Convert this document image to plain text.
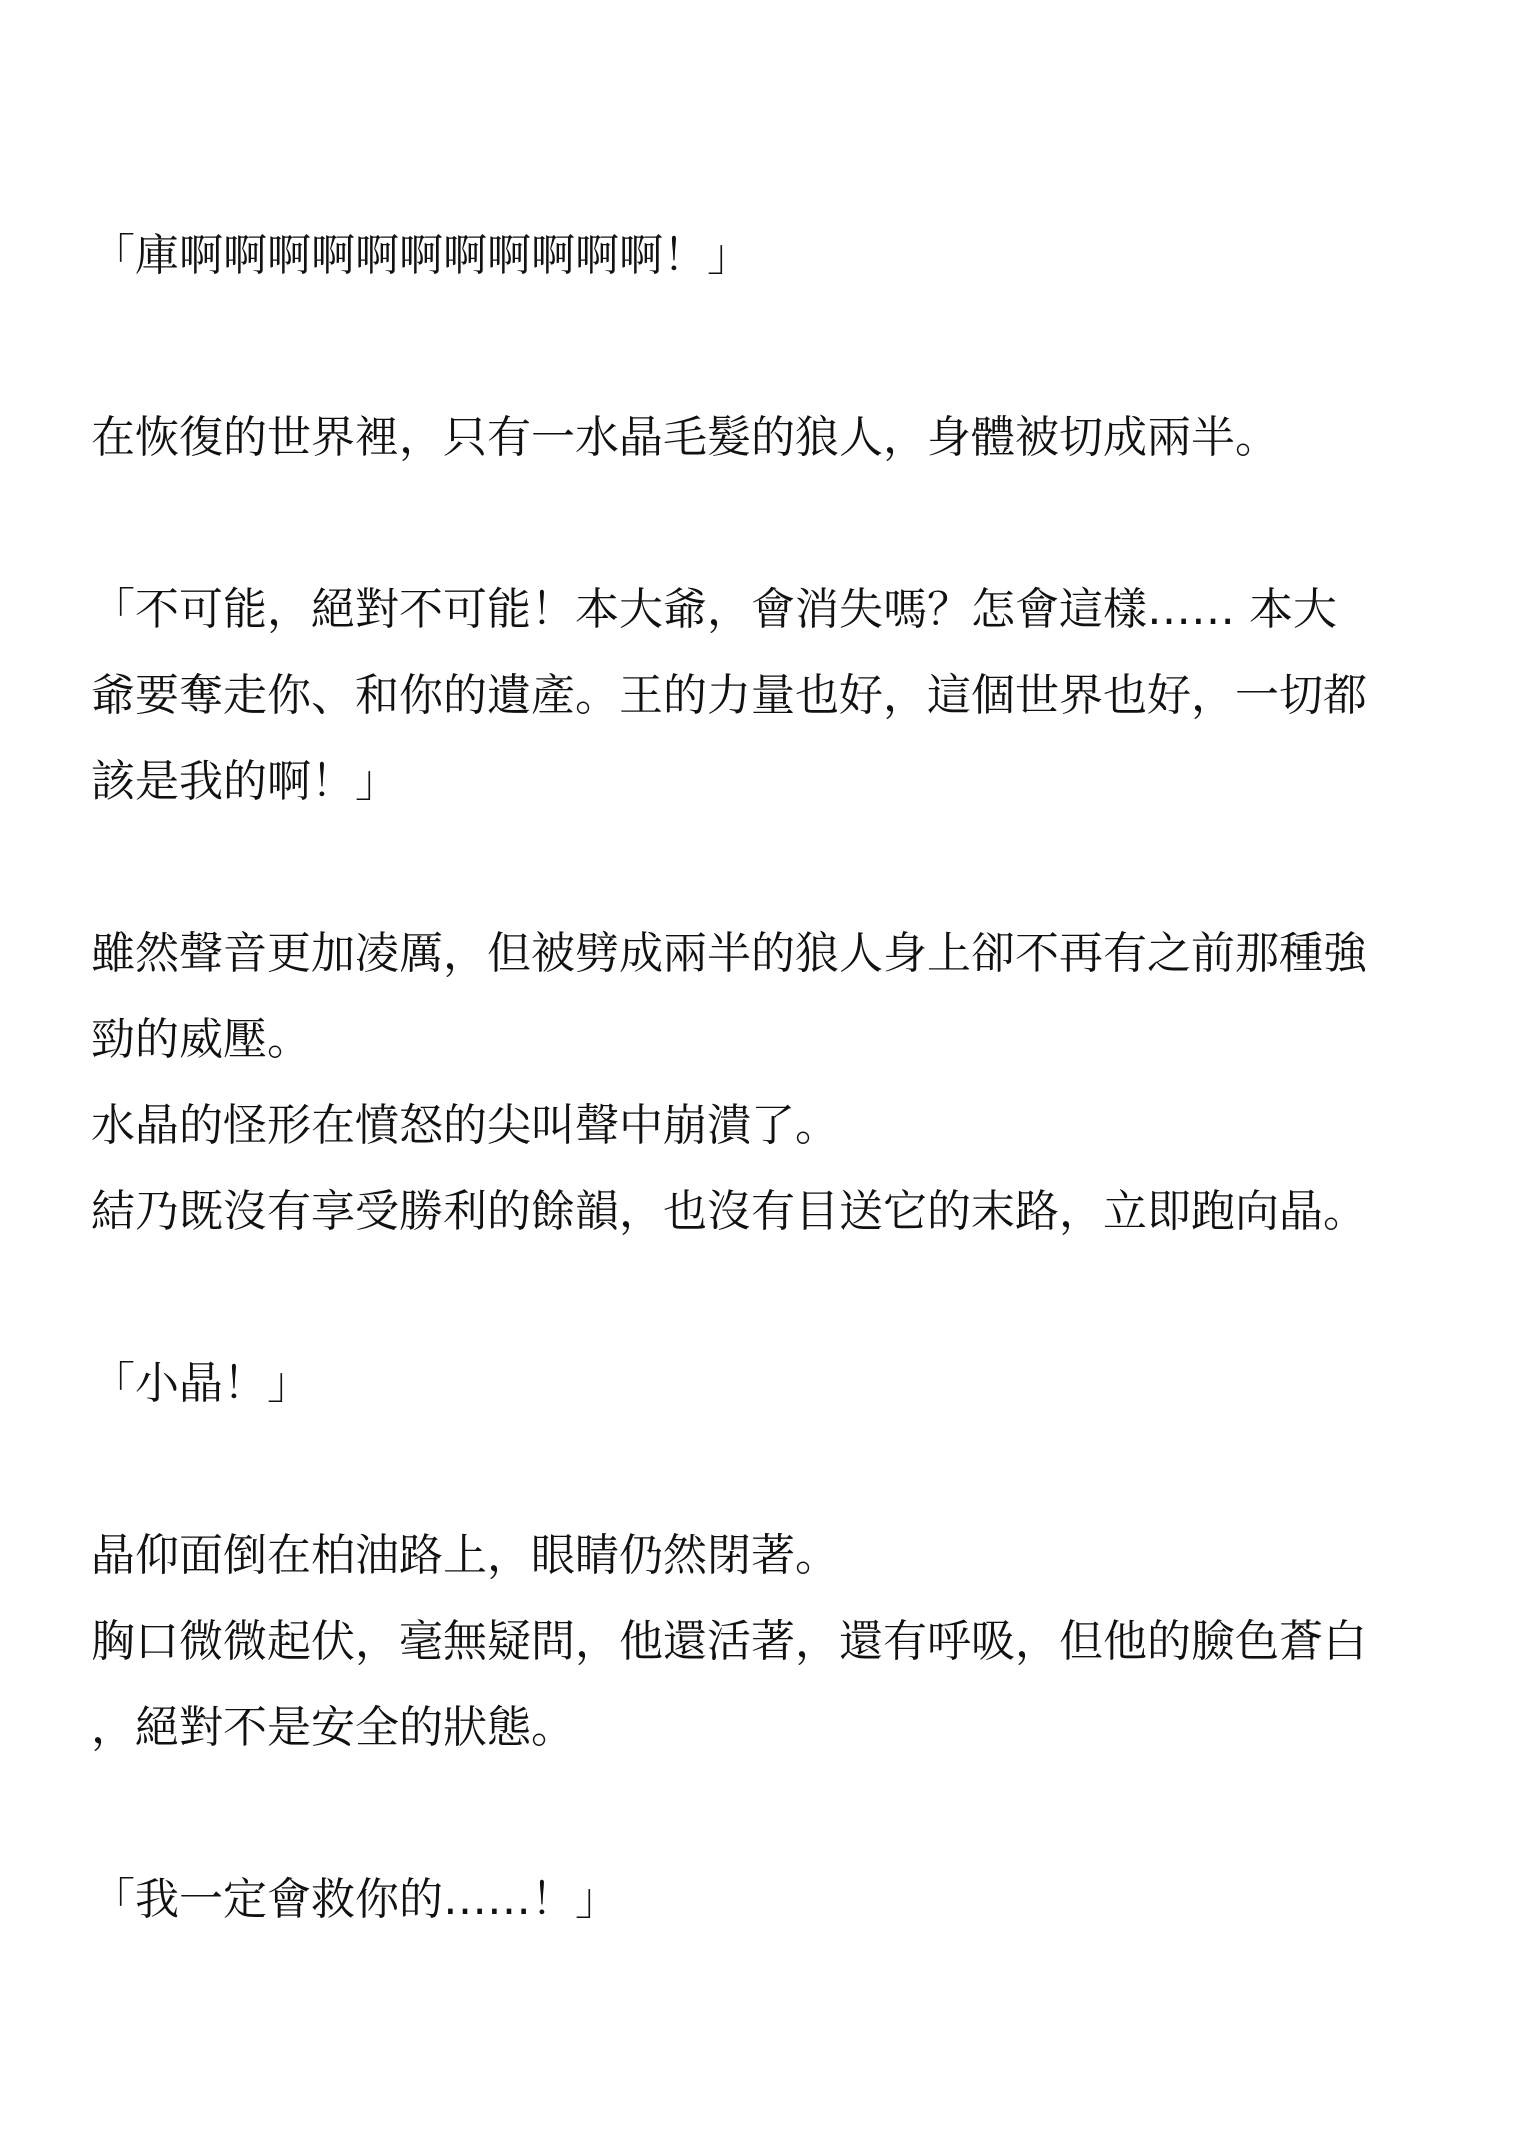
「庫啊啊啊啊啊啊啊啊啊啊啊！」
在恢復的世界裡，只有一水晶毛髮的狼人，身體被切成兩半。
「不可能，絕對不可能！本大爺，會消失嗎？怎會這樣…… 本大
爺要奪走你、和你的遺產。王的力量也好，這個世界也好，一切都
該是我的啊！」
雖然聲音更加凌厲，但被劈成兩半的狼人身上卻不再有之前那種強
勁的威壓。
水晶的怪形在憤怒的尖叫聲中崩潰了。
結乃既沒有享受勝利的餘韻，也沒有目送它的末路，立即跑向晶。
「小晶！」
晶仰面倒在柏油路上，眼睛仍然閉著。
胸口微微起伏，毫無疑問，他還活著，還有呼吸，但他的臉色蒼白
，絕對不是安全的狀態。
「我一定會救你的……！」
